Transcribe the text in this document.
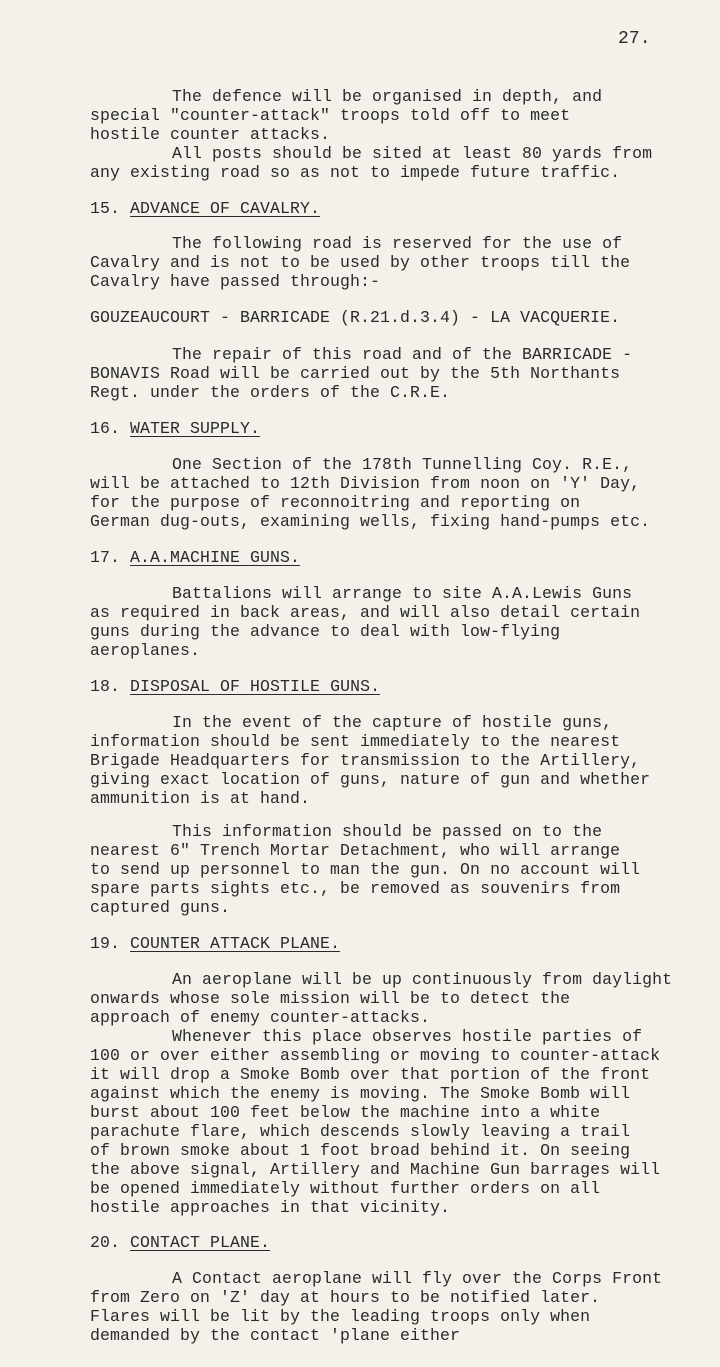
27.
The defence will be organised in depth, and
special "counter-attack" troops told off to meet
hostile counter attacks.
All posts should be sited at least 80 yards from
any existing road so as not to impede future traffic.
15. ADVANCE OF CAVALRY.
The following road is reserved for the use of
Cavalry and is not to be used by other troops till the
Cavalry have passed through:-
GOUZEAUCOURT - BARRICADE (R.21.d.3.4) - LA VACQUERIE.
The repair of this road and of the BARRICADE -
BONAVIS Road will be carried out by the 5th Northants
Regt. under the orders of the C.R.E.
16. WATER SUPPLY.
One Section of the 178th Tunnelling Coy. R.E.,
will be attached to 12th Division from noon on 'Y' Day,
for the purpose of reconnoitring and reporting on
German dug-outs, examining wells, fixing hand-pumps etc.
17. A.A.MACHINE GUNS.
Battalions will arrange to site A.A.Lewis Guns
as required in back areas, and will also detail certain
guns during the advance to deal with low-flying
aeroplanes.
18. DISPOSAL OF HOSTILE GUNS.
In the event of the capture of hostile guns,
information should be sent immediately to the nearest
Brigade Headquarters for transmission to the Artillery,
giving exact location of guns, nature of gun and whether
ammunition is at hand.
This information should be passed on to the
nearest 6" Trench Mortar Detachment, who will arrange
to send up personnel to man the gun. On no account will
spare parts sights etc., be removed as souvenirs from
captured guns.
19. COUNTER ATTACK PLANE.
An aeroplane will be up continuously from daylight
onwards whose sole mission will be to detect the
approach of enemy counter-attacks.
Whenever this place observes hostile parties of
100 or over either assembling or moving to counter-attack
it will drop a Smoke Bomb over that portion of the front
against which the enemy is moving. The Smoke Bomb will
burst about 100 feet below the machine into a white
parachute flare, which descends slowly leaving a trail
of brown smoke about 1 foot broad behind it. On seeing
the above signal, Artillery and Machine Gun barrages will
be opened immediately without further orders on all
hostile approaches in that vicinity.
20. CONTACT PLANE.
A Contact aeroplane will fly over the Corps Front
from Zero on 'Z' day at hours to be notified later.
Flares will be lit by the leading troops only when
demanded by the contact 'plane either
